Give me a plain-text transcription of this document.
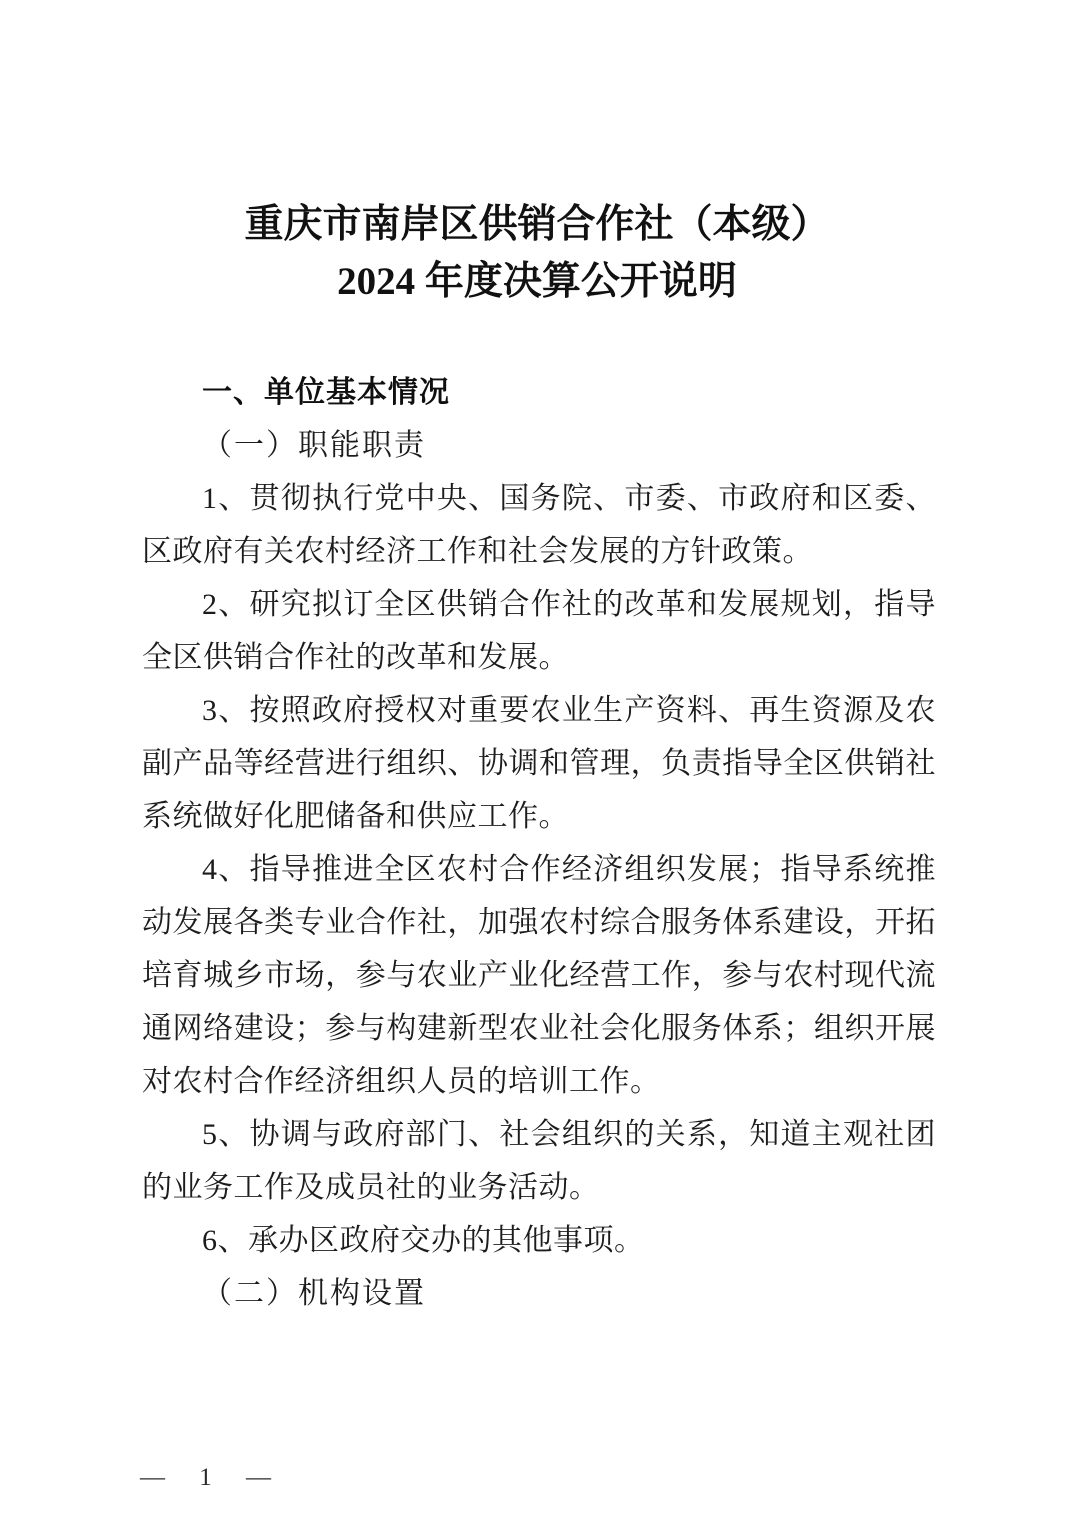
重庆市南岸区供销合作社（本级）
2024 年度决算公开说明

一、单位基本情况

（一）职能职责

1、贯彻执行党中央、国务院、市委、市政府和区委、区政府有关农村经济工作和社会发展的方针政策。

2、研究拟订全区供销合作社的改革和发展规划，指导全区供销合作社的改革和发展。

3、按照政府授权对重要农业生产资料、再生资源及农副产品等经营进行组织、协调和管理，负责指导全区供销社系统做好化肥储备和供应工作。

4、指导推进全区农村合作经济组织发展；指导系统推动发展各类专业合作社，加强农村综合服务体系建设，开拓培育城乡市场，参与农业产业化经营工作，参与农村现代流通网络建设；参与构建新型农业社会化服务体系；组织开展对农村合作经济组织人员的培训工作。

5、协调与政府部门、社会组织的关系，知道主观社团的业务工作及成员社的业务活动。

6、承办区政府交办的其他事项。

（二）机构设置

— 1 —
